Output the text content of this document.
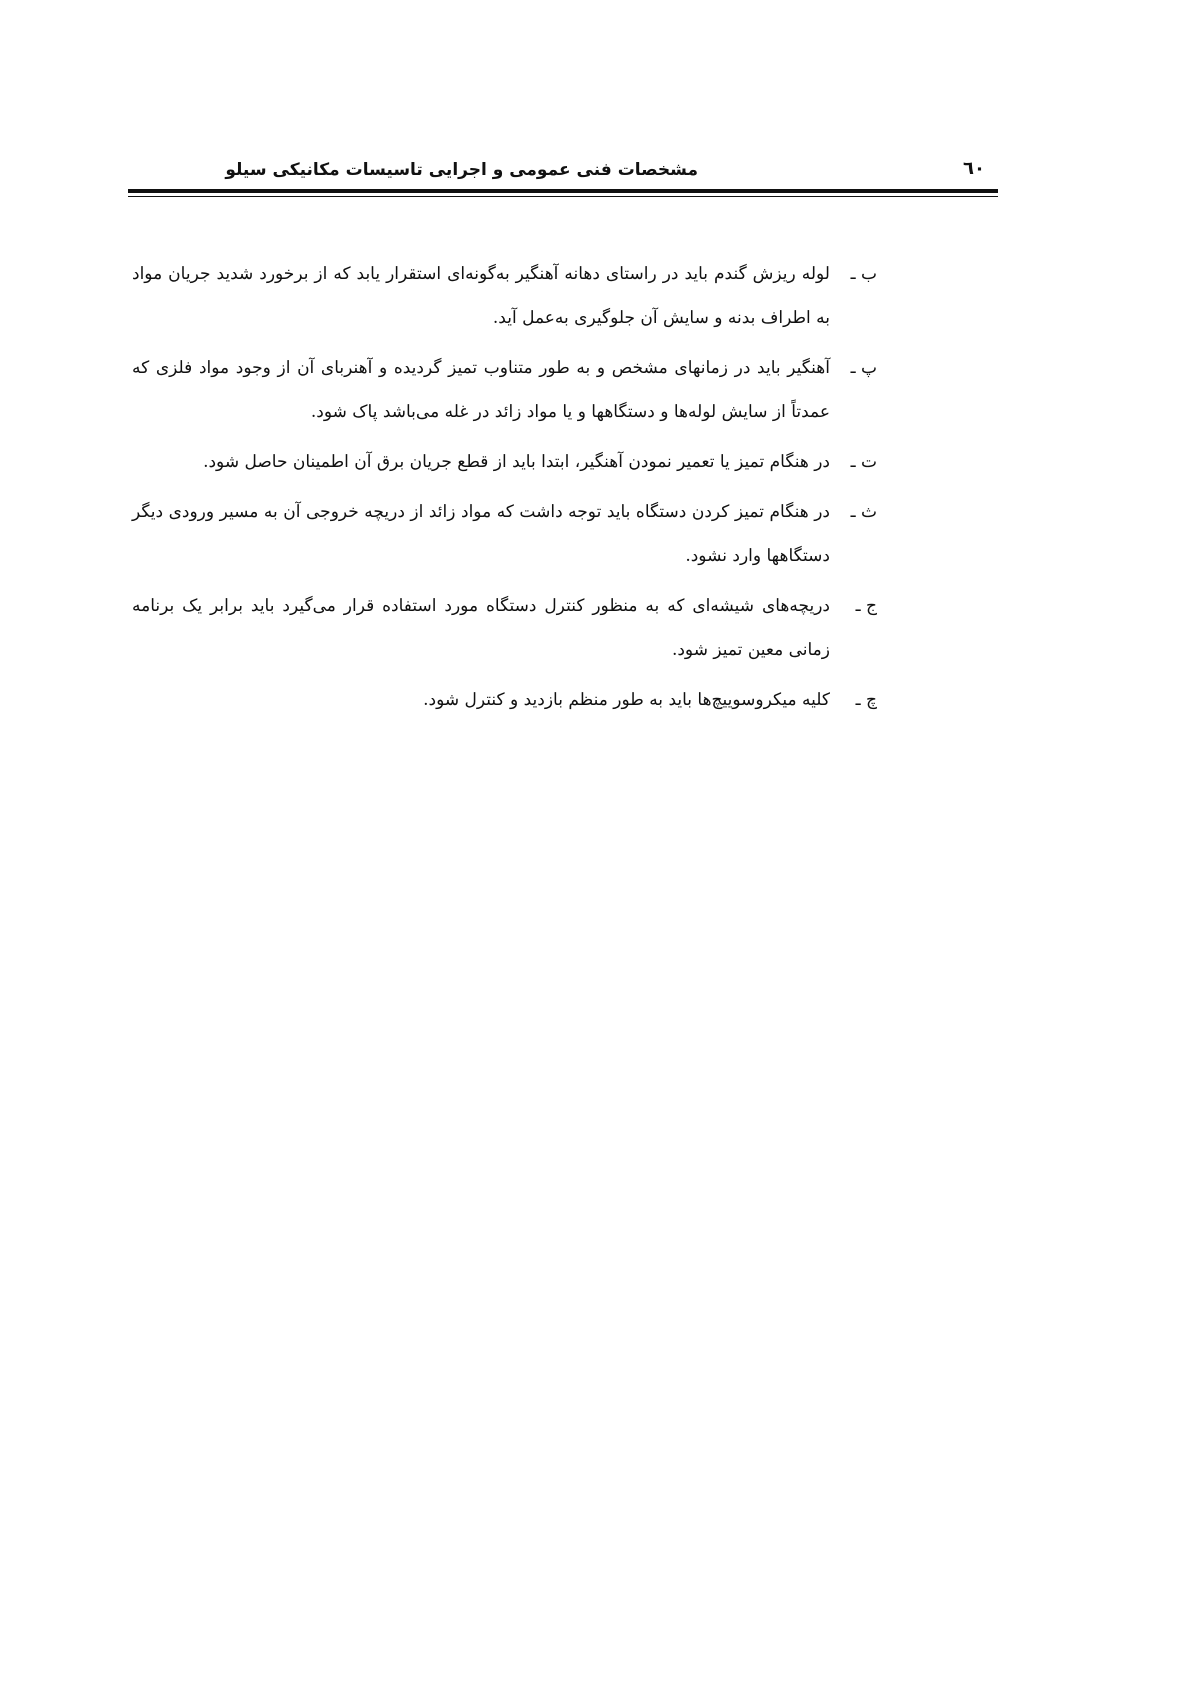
مشخصات فنی عمومی و اجرایی تاسیسات مکانیکی سیلو	٦٠
ب ـ
لوله ریزش گندم باید در راستای دهانه آهنگیر به‌گونه‌ای استقرار یابد که از برخورد شدید جریان مواد به اطراف بدنه و سایش آن جلوگیری به‌عمل آید.
پ ـ
آهنگیر باید در زمانهای مشخص و به طور متناوب تمیز گردیده و آهنربای آن از وجود مواد فلزی که عمدتاً از سایش لوله‌ها و دستگاهها و یا مواد زائد در غله می‌باشد پاک شود.
ت ـ
در هنگام تمیز یا تعمیر نمودن آهنگیر، ابتدا باید از قطع جریان برق آن اطمینان حاصل شود.
ث ـ
در هنگام تمیز کردن دستگاه باید توجه داشت که مواد زائد از دریچه خروجی آن به مسیر ورودی دیگر دستگاهها وارد نشود.
ج ـ
دریچه‌های شیشه‌ای که به منظور کنترل دستگاه مورد استفاده قرار می‌گیرد باید برابر یک برنامه زمانی معین تمیز شود.
چ ـ
کلیه میکروسوییچ‌ها باید به طور منظم بازدید و کنترل شود.
